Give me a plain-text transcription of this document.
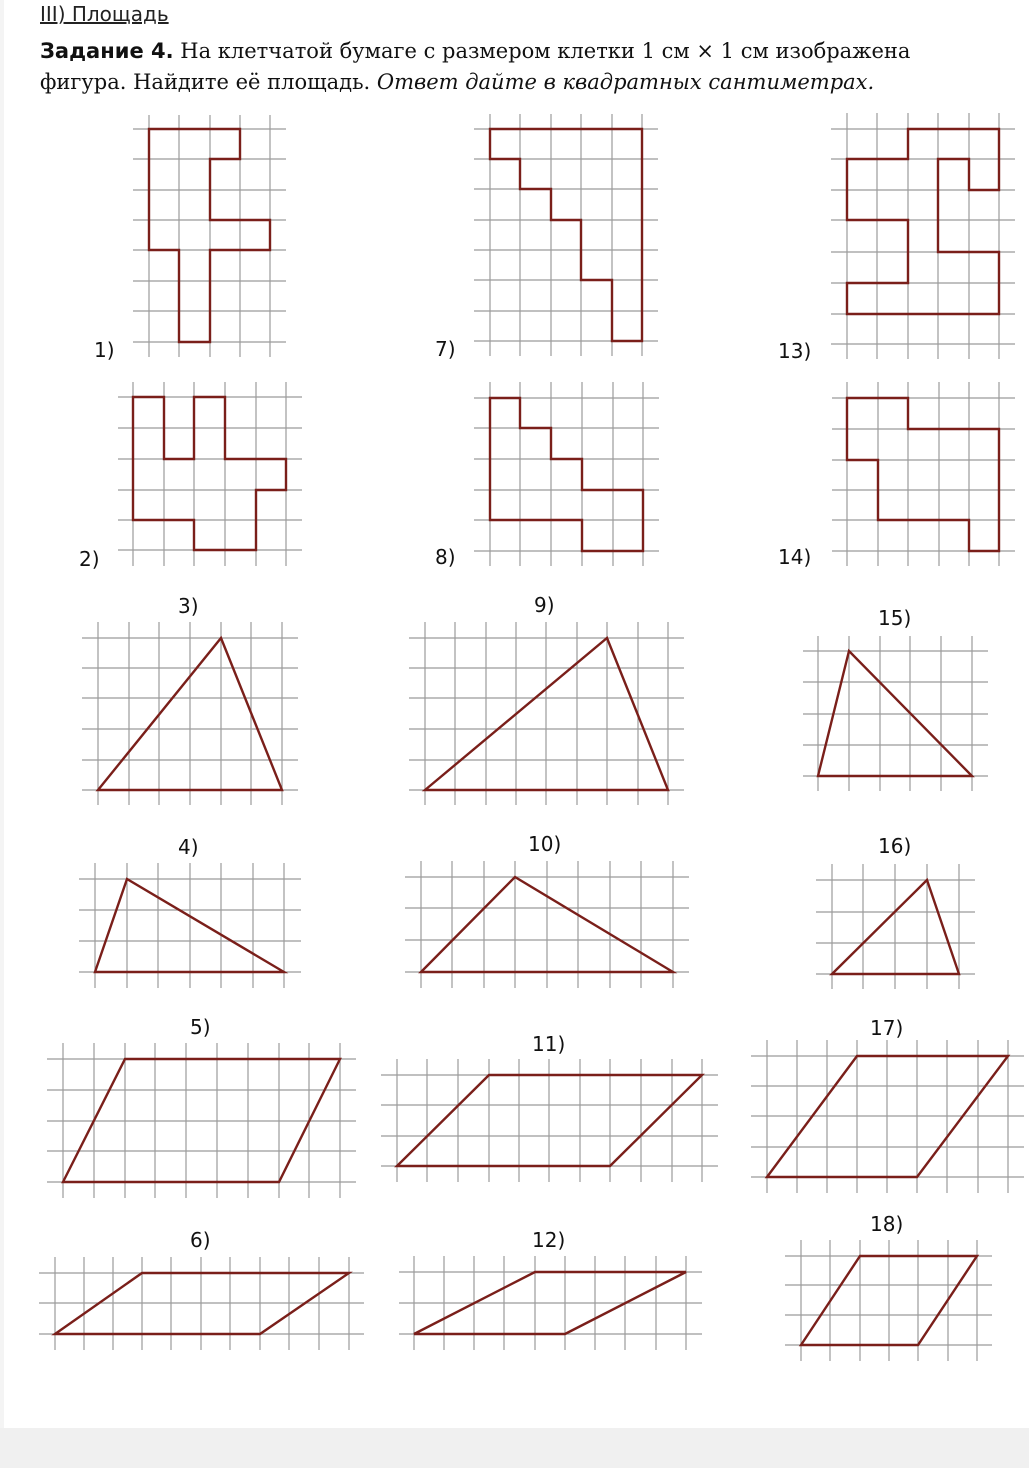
III) Площадь

Задание 4. На клетчатой бумаге с размером клетки 1 см × 1 см изображена
фигура. Найдите её площадь. Ответ дайте в квадратных сантиметрах.

1)
2)
3)
4)
5)
6)
7)
8)
9)
10)
11)
12)
13)
14)
15)
16)
17)
18)
